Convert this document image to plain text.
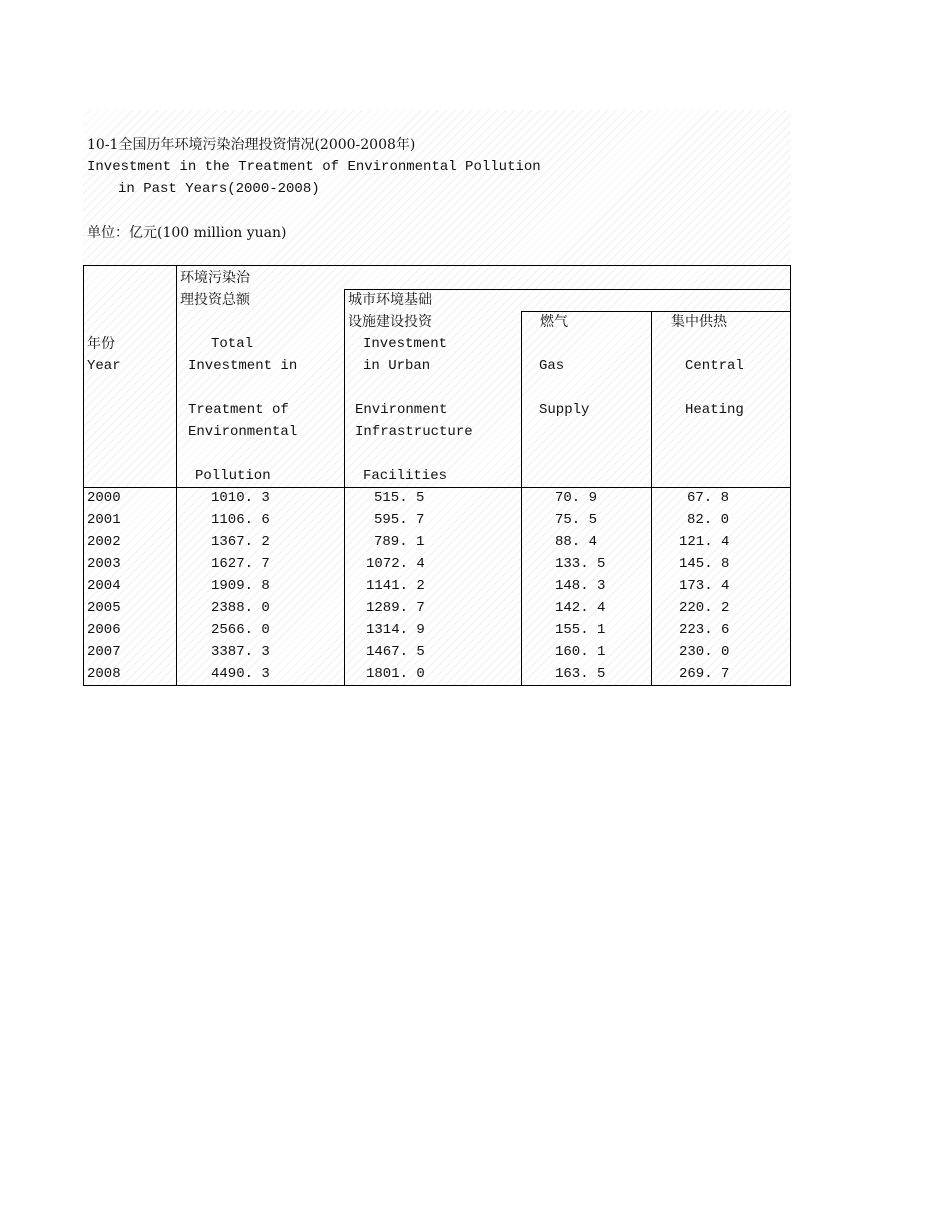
10-1全国历年环境污染治理投资情况(2000-2008年)
Investment in the Treatment of Environmental Pollution
in Past Years(2000-2008)
单位：亿元(100 million yuan)
年份
Year
环境污染治
理投资总额
Total
Investment in
Treatment of
Environmental
Pollution
城市环境基础
设施建设投资
Investment
in Urban
Environment
Infrastructure
Facilities
燃气
Gas
Supply
集中供热
Central
Heating
2000	1010. 3	515. 5	70. 9	67. 8
2001	1106. 6	595. 7	75. 5	82. 0
2002	1367. 2	789. 1	88. 4	121. 4
2003	1627. 7	1072. 4	133. 5	145. 8
2004	1909. 8	1141. 2	148. 3	173. 4
2005	2388. 0	1289. 7	142. 4	220. 2
2006	2566. 0	1314. 9	155. 1	223. 6
2007	3387. 3	1467. 5	160. 1	230. 0
2008	4490. 3	1801. 0	163. 5	269. 7
